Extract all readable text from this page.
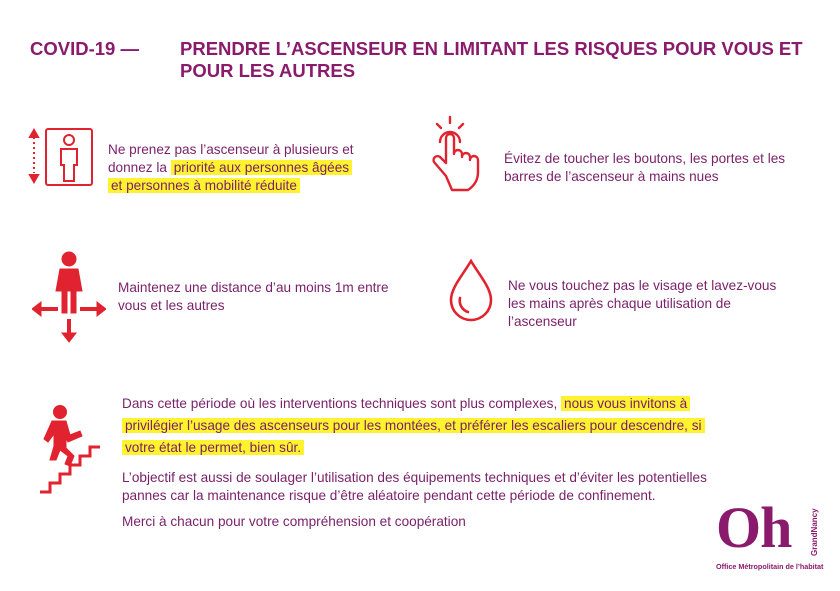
COVID-19 —	PRENDRE L’ASCENSEUR EN LIMITANT LES RISQUES POUR VOUS ET POUR LES AUTRES
Ne prenez pas l’ascenseur à plusieurs et
donnez la priorité aux personnes âgées
et personnes à mobilité réduite
Évitez de toucher les boutons, les portes et les barres de l’ascenseur à mains nues
Maintenez une distance d’au moins 1m entre vous et les autres
Ne vous touchez pas le visage et lavez-vous les mains après chaque utilisation de l’ascenseur
Dans cette période où les interventions techniques sont plus complexes, nous vous invitons à privilégier l’usage des ascenseurs pour les montées, et préférer les escaliers pour descendre, si votre état le permet, bien sûr.
L’objectif est aussi de soulager l’utilisation des équipements techniques et d’éviter les potentielles pannes car la maintenance risque d’être aléatoire pendant cette période de confinement.
Merci à chacun pour votre compréhension et coopération	Oh GrandNancy
Office Métropolitain de l’habitat
